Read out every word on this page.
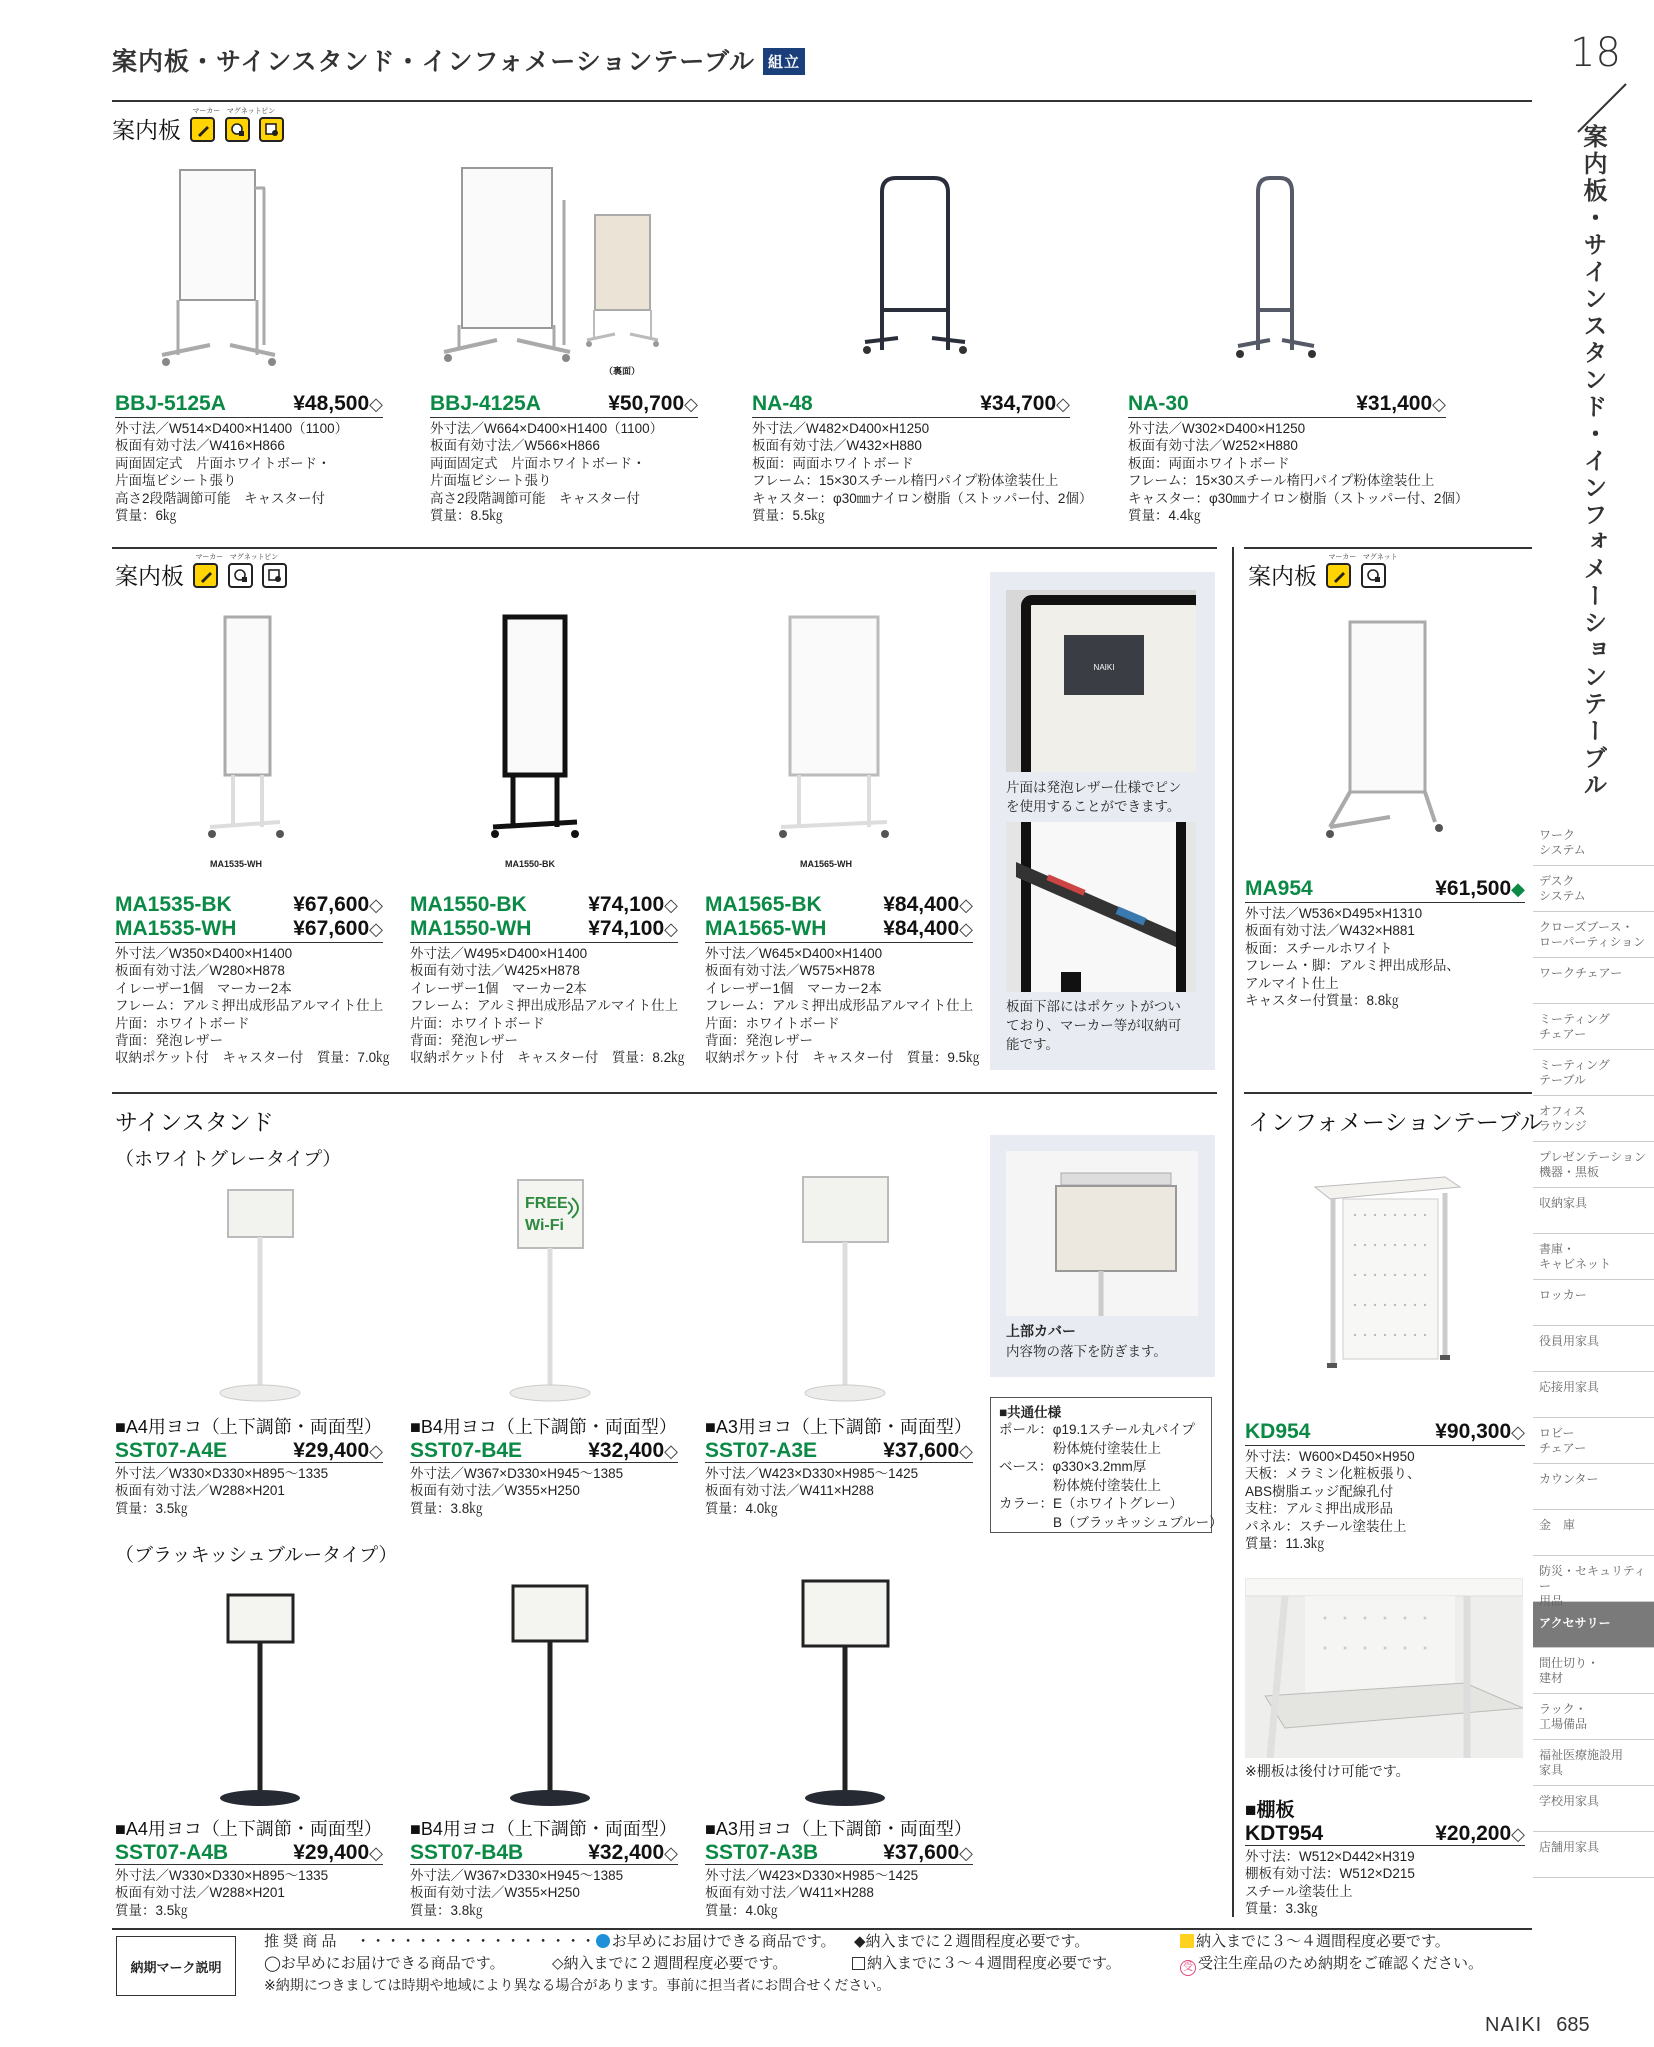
案内板・サインスタンド・インフォメーションテーブル 組立	18
案内板・サインスタンド・インフォメーションテーブル
案内板
マーカー
マグネット
ピン
（裏面）
BBJ-5125A	¥48,500◇
外寸法／W514×D400×H1400（1100）
板面有効寸法／W416×H866
両面固定式　片面ホワイトボード・
片面塩ビシート張り
高さ2段階調節可能　キャスター付
質量：6㎏
BBJ-4125A	¥50,700◇
外寸法／W664×D400×H1400（1100）
板面有効寸法／W566×H866
両面固定式　片面ホワイトボード・
片面塩ビシート張り
高さ2段階調節可能　キャスター付
質量：8.5㎏
NA-48	¥34,700◇
外寸法／W482×D400×H1250
板面有効寸法／W432×H880
板面：両面ホワイトボード
フレーム：15×30スチール楕円パイプ粉体塗装仕上
キャスター：φ30㎜ナイロン樹脂（ストッパー付、2個）
質量：5.5㎏
NA-30	¥31,400◇
外寸法／W302×D400×H1250
板面有効寸法／W252×H880
板面：両面ホワイトボード
フレーム：15×30スチール楕円パイプ粉体塗装仕上
キャスター：φ30㎜ナイロン樹脂（ストッパー付、2個）
質量：4.4㎏
案内板
マーカー
マグネット
ピン
MA1535-WH	MA1550-BK	MA1565-WH
NAIKI
片面は発泡レザー仕様でピン
を使用することができます。
板面下部にはポケットがつい
ており、マーカー等が収納可
能です。
MA1535-BK	¥67,600◇
MA1535-WH	¥67,600◇
外寸法／W350×D400×H1400
板面有効寸法／W280×H878
イレーザー1個　マーカー2本
フレーム：アルミ押出成形品アルマイト仕上
片面：ホワイトボード
背面：発泡レザー
収納ポケット付　キャスター付　質量：7.0㎏
MA1550-BK	¥74,100◇
MA1550-WH	¥74,100◇
外寸法／W495×D400×H1400
板面有効寸法／W425×H878
イレーザー1個　マーカー2本
フレーム：アルミ押出成形品アルマイト仕上
片面：ホワイトボード
背面：発泡レザー
収納ポケット付　キャスター付　質量：8.2㎏
MA1565-BK	¥84,400◇
MA1565-WH	¥84,400◇
外寸法／W645×D400×H1400
板面有効寸法／W575×H878
イレーザー1個　マーカー2本
フレーム：アルミ押出成形品アルマイト仕上
片面：ホワイトボード
背面：発泡レザー
収納ポケット付　キャスター付　質量：9.5㎏
案内板
マーカー
マグネット
MA954	¥61,500◆
外寸法／W536×D495×H1310
板面有効寸法／W432×H881
板面：スチールホワイト
フレーム・脚：アルミ押出成形品、
アルマイト仕上
キャスター付質量：8.8㎏
サインスタンド
（ホワイトグレータイプ）
FREE
Wi-Fi
上部カバー
内容物の落下を防ぎます。
■A4用ヨコ（上下調節・両面型）
SST07-A4E	¥29,400◇
外寸法／W330×D330×H895～1335
板面有効寸法／W288×H201
質量：3.5㎏
■B4用ヨコ（上下調節・両面型）
SST07-B4E	¥32,400◇
外寸法／W367×D330×H945～1385
板面有効寸法／W355×H250
質量：3.8㎏
■A3用ヨコ（上下調節・両面型）
SST07-A3E	¥37,600◇
外寸法／W423×D330×H985～1425
板面有効寸法／W411×H288
質量：4.0㎏
■共通仕様
ポール：φ19.1スチール丸パイプ
　　　　粉体焼付塗装仕上
ベース：φ330×3.2mm厚
　　　　粉体焼付塗装仕上
カラー：E（ホワイトグレー）
　　　　B（ブラッキッシュブルー）
（ブラッキッシュブルータイプ）
■A4用ヨコ（上下調節・両面型）
SST07-A4B	¥29,400◇
外寸法／W330×D330×H895～1335
板面有効寸法／W288×H201
質量：3.5㎏
■B4用ヨコ（上下調節・両面型）
SST07-B4B	¥32,400◇
外寸法／W367×D330×H945～1385
板面有効寸法／W355×H250
質量：3.8㎏
■A3用ヨコ（上下調節・両面型）
SST07-A3B	¥37,600◇
外寸法／W423×D330×H985～1425
板面有効寸法／W411×H288
質量：4.0㎏
インフォメーションテーブル
KD954	¥90,300◇
外寸法：W600×D450×H950
天板：メラミン化粧板張り、
ABS樹脂エッジ配線孔付
支柱：アルミ押出成形品
パネル：スチール塗装仕上
質量：11.3㎏
※棚板は後付け可能です。
■棚板
KDT954	¥20,200◇
外寸法：W512×D442×H319
棚板有効寸法：W512×D215
スチール塗装仕上
質量：3.3㎏
ワーク
システム
デスク
システム
クローズブース・
ローパーティション
ワークチェアー
ミーティング
チェアー
ミーティング
テーブル
オフィス
ラウンジ
プレゼンテーション
機器・黒板
収納家具
書庫・
キャビネット
ロッカー
役員用家具
応接用家具
ロビー
チェアー
カウンター
金　庫
防災・セキュリティー
用品
アクセサリー
間仕切り・
建材
ラック・
工場備品
福祉医療施設用
家具
学校用家具
店舗用家具
納期マーク説明
推 奨 商 品 　・・・・・・・・・・・・・・・・ お早めにお届けできる商品です。 ◆納入までに２週間程度必要です。	納入までに３～４週間程度必要です。
◯お早めにお届けできる商品です。	◇納入までに２週間程度必要です。	納入までに３～４週間程度必要です。	受 受注生産品のため納期をご確認ください。
※納期につきましては時期や地域により異なる場合があります。事前に担当者にお問合せください。
NAIKI 685
